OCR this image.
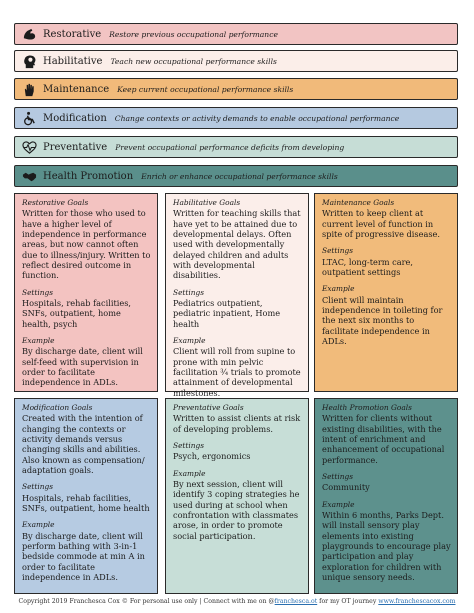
Restorative Restore previous occupational performance
Habilitative Teach new occupational performance skills
Maintenance Keep current occupational performance skills
Modification Change contexts or activity demands to enable occupational performance
Preventative Prevent occupational performance deficits from developing
Health Promotion Enrich or enhance occupational performance skills

Restorative Goals

Written for those who used to have a higher level of independence in performance areas, but now cannot often due to illness/injury. Written to reflect desired outcome in function.

Settings

Hospitals, rehab facilities, SNFs, outpatient, home health, psych

Example

By discharge date, client will self-feed with supervision in order to facilitate independence in ADLs.

Habilitative Goals

Written for teaching skills that have yet to be attained due to developmental delays. Often used with developmentally delayed children and adults with developmental disabilities.

Settings

Pediatrics outpatient, pediatric inpatient, Home health

Example

Client will roll from supine to prone with min pelvic facilitation ¾ trials to promote attainment of developmental milestones.

Maintenance Goals

Written to keep client at current level of function in spite of progressive disease.

Settings

LTAC, long-term care, outpatient settings

Example

Client will maintain independence in toileting for the next six months to facilitate independence in ADLs.

Modification Goals

Created with the intention of changing the contexts or activity demands versus changing skills and abilities. Also known as compensation/ adaptation goals.

Settings

Hospitals, rehab facilities, SNFs, outpatient, home health

Example

By discharge date, client will perform bathing with 3-in-1 bedside commode at min A in order to facilitate independence in ADLs.

Preventative Goals

Written to assist clients at risk of developing problems.

Settings

Psych, ergonomics

Example

By next session, client will identify 3 coping strategies he used during at school when confrontation with classmates arose, in order to promote social participation.

Health Promotion Goals

Written for clients without existing disabilities, with the intent of enrichment and enhancement of occupational performance.

Settings

Community

Example

Within 6 months, Parks Dept. will install sensory play elements into existing playgrounds to encourage play participation and play exploration for children with unique sensory needs.

Copyright 2019 Franchesca Cox © For personal use only | Connect with me on @franchesca.ot for my OT journey www.franchescacox.com
